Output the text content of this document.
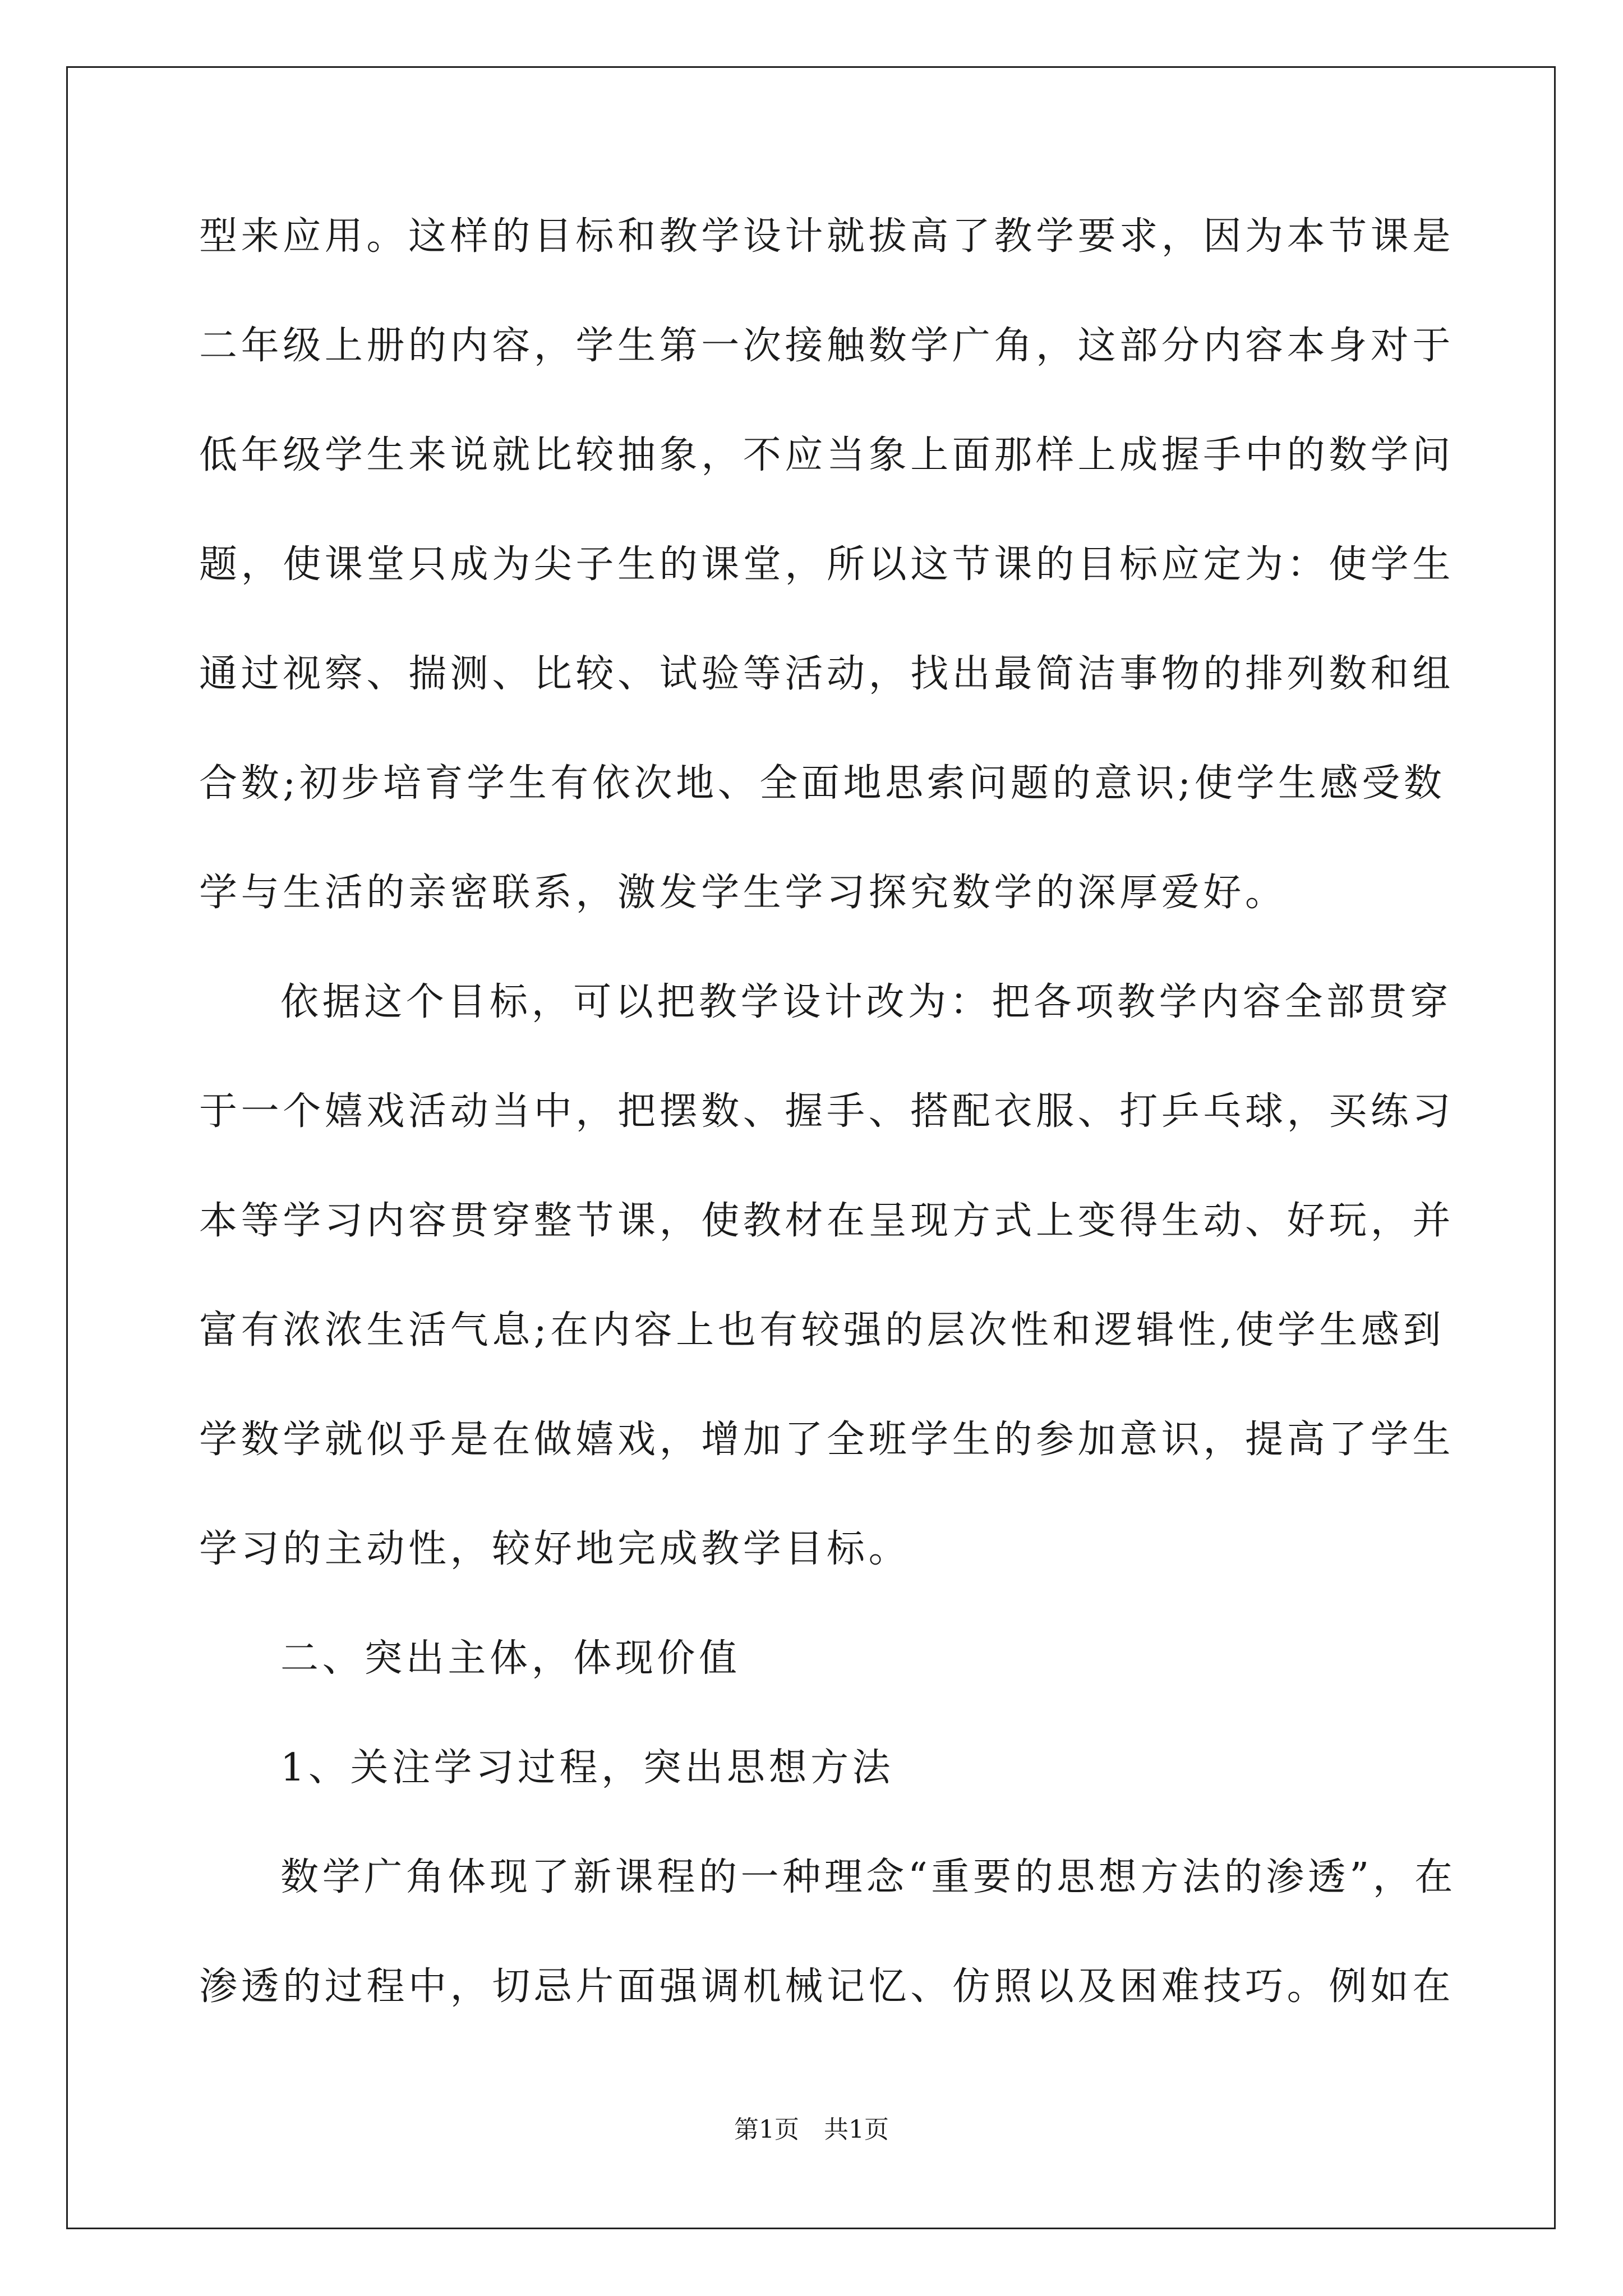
型来应用。这样的目标和教学设计就拔高了教学要求，因为本节课是
二年级上册的内容，学生第一次接触数学广角，这部分内容本身对于
低年级学生来说就比较抽象，不应当象上面那样上成握手中的数学问
题，使课堂只成为尖子生的课堂，所以这节课的目标应定为：使学生
通过视察、揣测、比较、试验等活动，找出最简洁事物的排列数和组
合数;初步培育学生有依次地、全面地思索问题的意识;使学生感受数
学与生活的亲密联系，激发学生学习探究数学的深厚爱好。
依据这个目标，可以把教学设计改为：把各项教学内容全部贯穿
于一个嬉戏活动当中，把摆数、握手、搭配衣服、打乒乓球，买练习
本等学习内容贯穿整节课，使教材在呈现方式上变得生动、好玩，并
富有浓浓生活气息;在内容上也有较强的层次性和逻辑性,使学生感到
学数学就似乎是在做嬉戏，增加了全班学生的参加意识，提高了学生
学习的主动性，较好地完成教学目标。
二、突出主体，体现价值
1、关注学习过程，突出思想方法
数学广角体现了新课程的一种理念“重要的思想方法的渗透”，在
渗透的过程中，切忌片面强调机械记忆、仿照以及困难技巧。例如在
第1页 共1页
